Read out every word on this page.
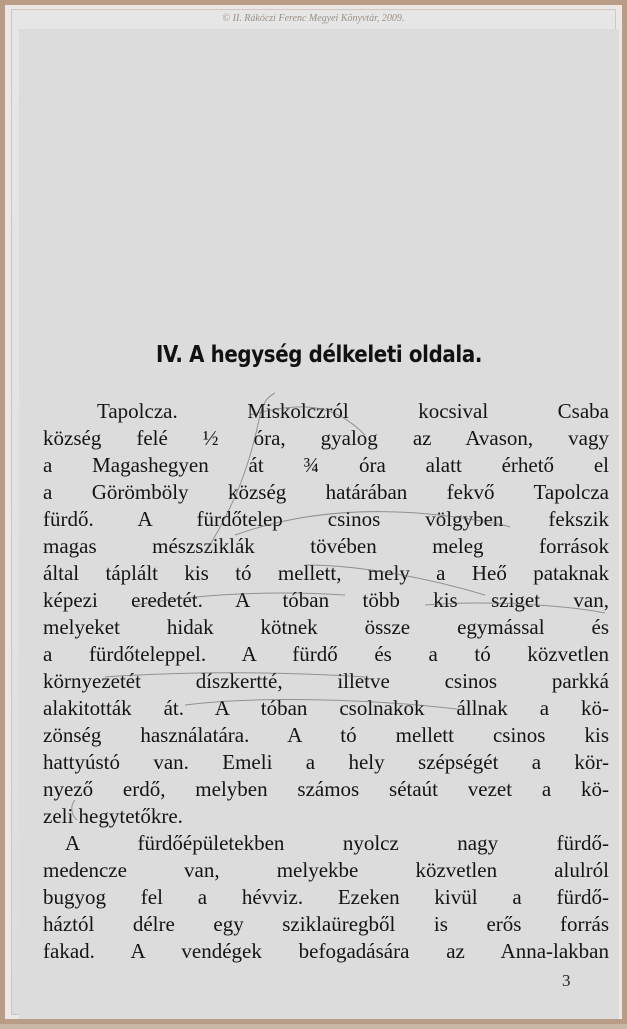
© II. Rákóczi Ferenc Megyei Könyvtár, 2009.
IV. A hegység délkeleti oldala.
Tapolcza. Miskolczról kocsival Csaba
község felé ½ óra, gyalog az Avason, vagy
a Magashegyen át ¾ óra alatt érhető el
a Görömböly község határában fekvő Tapolcza
fürdő. A fürdőtelep csinos völgyben fekszik
magas mészsziklák tövében meleg források
által táplált kis tó mellett, mely a Heő pataknak
képezi eredetét. A tóban több kis sziget van,
melyeket hidak kötnek össze egymással és
a fürdőteleppel. A fürdő és a tó közvetlen
környezetét díszkertté, illetve csinos parkká
alakitották át. A tóban csolnakok állnak a kö-
zönség használatára. A tó mellett csinos kis
hattyústó van. Emeli a hely szépségét a kör-
nyező erdő, melyben számos sétaút vezet a kö-
zeli hegytetőkre.
A fürdőépületekben nyolcz nagy fürdő-
medencze van, melyekbe közvetlen alulról
bugyog fel a hévviz. Ezeken kivül a fürdő-
háztól délre egy sziklaüregből is erős forrás
fakad. A vendégek befogadására az Anna-lakban
3
